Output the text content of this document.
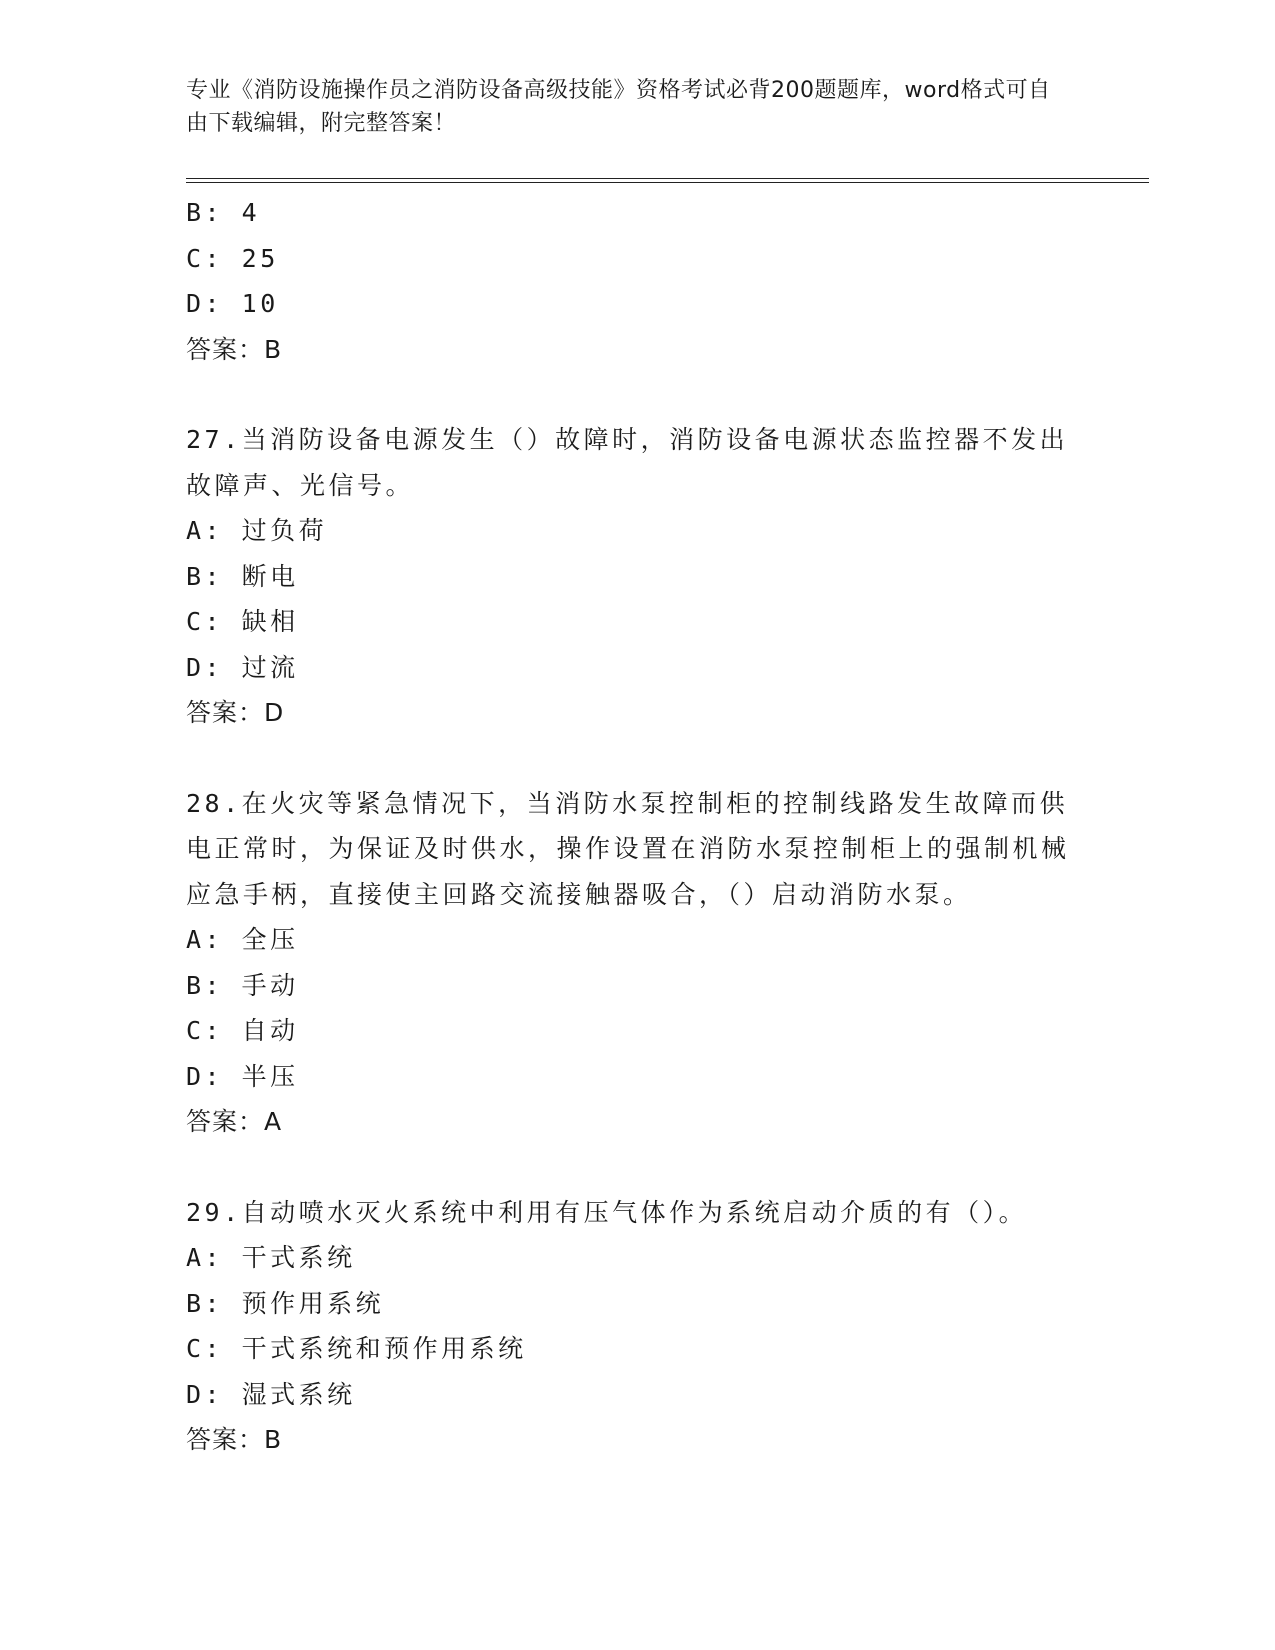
专业《消防设施操作员之消防设备高级技能》资格考试必背200题题库，word格式可自由下载编辑，附完整答案！
B: 4
C: 25
D: 10
答案：B
27.当消防设备电源发生（）故障时，消防设备电源状态监控器不发出故障声、光信号。
A: 过负荷
B: 断电
C: 缺相
D: 过流
答案：D
28.在火灾等紧急情况下，当消防水泵控制柜的控制线路发生故障而供电正常时，为保证及时供水，操作设置在消防水泵控制柜上的强制机械应急手柄，直接使主回路交流接触器吸合，（）启动消防水泵。
A: 全压
B: 手动
C: 自动
D: 半压
答案：A
29.自动喷水灭火系统中利用有压气体作为系统启动介质的有（）。
A: 干式系统
B: 预作用系统
C: 干式系统和预作用系统
D: 湿式系统
答案：B
